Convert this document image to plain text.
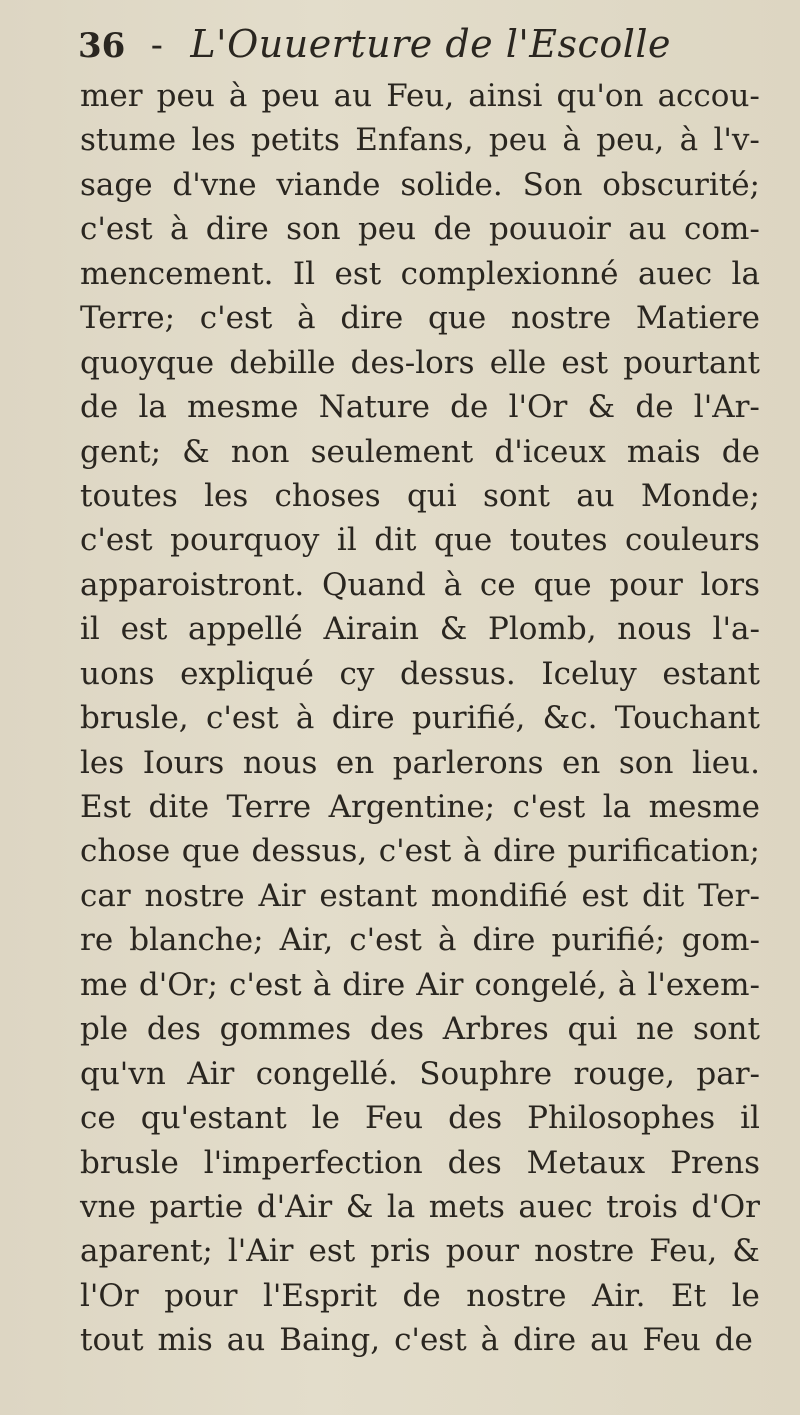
36 - L'Ouuerture de l'Escolle
mer peu à peu au Feu, ainsi qu'on accou-
stume les petits Enfans, peu à peu, à l'v-
sage d'vne viande solide. Son obscurité;
c'est à dire son peu de pouuoir au com-
mencement. Il est complexionné auec la
Terre; c'est à dire que nostre Matiere
quoyque debille des-lors elle est pourtant
de la mesme Nature de l'Or & de l'Ar-
gent; & non seulement d'iceux mais de
toutes les choses qui sont au Monde;
c'est pourquoy il dit que toutes couleurs
apparoistront. Quand à ce que pour lors
il est appellé Airain & Plomb, nous l'a-
uons expliqué cy dessus. Iceluy estant
brusle, c'est à dire purifié, &c. Touchant
les Iours nous en parlerons en son lieu.
Est dite Terre Argentine; c'est la mesme
chose que dessus, c'est à dire purification;
car nostre Air estant mondifié est dit Ter-
re blanche; Air, c'est à dire purifié; gom-
me d'Or; c'est à dire Air congelé, à l'exem-
ple des gommes des Arbres qui ne sont
qu'vn Air congellé. Souphre rouge, par-
ce qu'estant le Feu des Philosophes il
brusle l'imperfection des Metaux Prens
vne partie d'Air & la mets auec trois d'Or
aparent; l'Air est pris pour nostre Feu, &
l'Or pour l'Esprit de nostre Air. Et le
tout mis au Baing, c'est à dire au Feu de
